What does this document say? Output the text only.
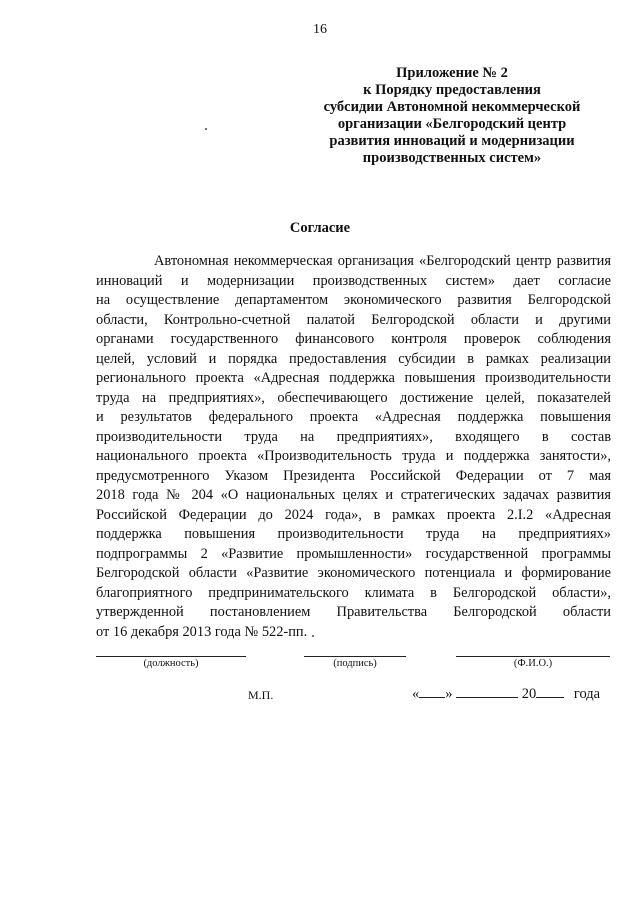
16
Приложение № 2
к Порядку предоставления
субсидии Автономной некоммерческой
организации «Белгородский центр
развития инноваций и модернизации
производственных систем»
Согласие
Автономная некоммерческая организация «Белгородский центр развития
инноваций и модернизации производственных систем» дает согласие
на осуществление департаментом экономического развития Белгородской
области, Контрольно-счетной палатой Белгородской области и другими
органами государственного финансового контроля проверок соблюдения
целей, условий и порядка предоставления субсидии в рамках реализации
регионального проекта «Адресная поддержка повышения производительности
труда на предприятиях», обеспечивающего достижение целей, показателей
и результатов федерального проекта «Адресная поддержка повышения
производительности труда на предприятиях», входящего в состав
национального проекта «Производительность труда и поддержка занятости»,
предусмотренного Указом Президента Российской Федерации от 7 мая
2018 года № 204 «О национальных целях и стратегических задачах развития
Российской Федерации до 2024 года», в рамках проекта 2.I.2 «Адресная
поддержка повышения производительности труда на предприятиях»
подпрограммы 2 «Развитие промышленности» государственной программы
Белгородской области «Развитие экономического потенциала и формирование
благоприятного предпринимательского климата в Белгородской области»,
утвержденной постановлением Правительства Белгородской области
от 16 декабря 2013 года № 522-пп.
(должность)	(подпись)	(Ф.И.О.)
М.П.	« »	20	года
